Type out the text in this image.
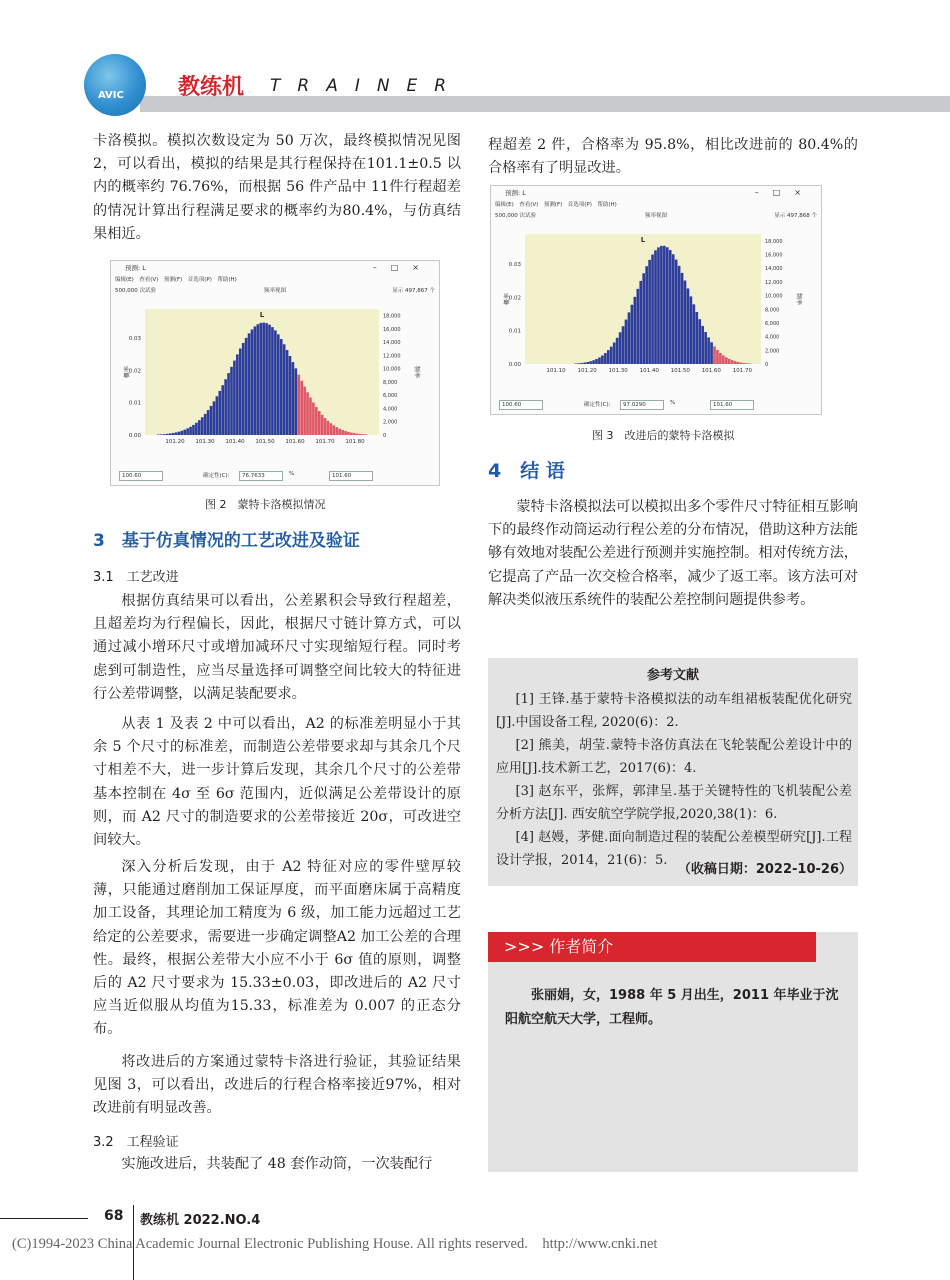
AVIC 教练机 TRAINER

卡洛模拟。模拟次数设定为 50 万次，最终模拟情况见图 2，可以看出，模拟的结果是其行程保持在101.1±0.5 以内的概率约 76.76%，而根据 56 件产品中 11件行程超差的情况计算出行程满足要求的概率约为80.4%，与仿真结果相近。

预测: L	–□×
编辑(E)　查看(V)　预测(F)　首选项(P)　帮助(H)
500,000 次试验	频率视图	显示 497,867 个
L
0.00
0.01
0.02
0.03
概率
0
2,000
4,000
6,000
8,000
10,000
12,000
14,000
16,000
18,000
频率
101.20 101.30 101.40 101.50 101.60 101.70 101.80
100.60	确定性(C):	76.7633	%	101.60
图 2　蒙特卡洛模拟情况
3　基于仿真情况的工艺改进及验证
3.1　工艺改进

根据仿真结果可以看出，公差累积会导致行程超差，且超差均为行程偏长，因此，根据尺寸链计算方式，可以通过减小增环尺寸或增加减环尺寸实现缩短行程。同时考虑到可制造性，应当尽量选择可调整空间比较大的特征进行公差带调整，以满足装配要求。

从表 1 及表 2 中可以看出，A2 的标准差明显小于其余 5 个尺寸的标准差，而制造公差带要求却与其余几个尺寸相差不大，进一步计算后发现，其余几个尺寸的公差带基本控制在 4σ 至 6σ 范围内，近似满足公差带设计的原则，而 A2 尺寸的制造要求的公差带接近 20σ，可改进空间较大。

深入分析后发现，由于 A2 特征对应的零件壁厚较薄，只能通过磨削加工保证厚度，而平面磨床属于高精度加工设备，其理论加工精度为 6 级，加工能力远超过工艺给定的公差要求，需要进一步确定调整A2 加工公差的合理性。最终，根据公差带大小应不小于 6σ 值的原则，调整后的 A2 尺寸要求为 15.33±0.03，即改进后的 A2 尺寸应当近似服从均值为15.33，标准差为 0.007 的正态分布。

将改进后的方案通过蒙特卡洛进行验证，其验证结果见图 3，可以看出，改进后的行程合格率接近97%，相对改进前有明显改善。

3.2　工程验证

实施改进后，共装配了 48 套作动筒，一次装配行

程超差 2 件，合格率为 95.8%，相比改进前的 80.4%的合格率有了明显改进。

预测: L	–□×
编辑(E)　查看(V)　预测(F)　首选项(P)　帮助(H)
500,000 次试验	频率视图	显示 497,868 个
L
0.00
0.01
0.02
0.03
概率
0
2,000
4,000
6,000
8,000
10,000
12,000
14,000
16,000
18,000
频率
101.10 101.20 101.30 101.40 101.50 101.60 101.70
100.60	确定性(C):	97.0290	%	101.60
图 3　改进后的蒙特卡洛模拟
4　结 语

蒙特卡洛模拟法可以模拟出多个零件尺寸特征相互影响下的最终作动筒运动行程公差的分布情况，借助这种方法能够有效地对装配公差进行预测并实施控制。相对传统方法，它提高了产品一次交检合格率，减少了返工率。该方法可对解决类似液压系统件的装配公差控制问题提供参考。

参考文献

[1] 王锋.基于蒙特卡洛模拟法的动车组裙板装配优化研究[J].中国设备工程, 2020(6)：2.

[2] 熊美，胡莹.蒙特卡洛仿真法在飞轮装配公差设计中的应用[J].技术新工艺，2017(6)：4.

[3] 赵东平，张辉，郭津呈.基于关键特性的飞机装配公差分析方法[J]. 西安航空学院学报,2020,38(1)：6.

[4] 赵嫚，茅健.面向制造过程的装配公差模型研究[J].工程设计学报，2014，21(6)：5.

（收稿日期：2022-10-26）

>>> 作者简介

张丽娟，女，1988 年 5 月出生，2011 年毕业于沈阳航空航天大学，工程师。

68 教练机 2022.NO.4
(C)1994-2023 China Academic Journal Electronic Publishing House. All rights reserved.    http://www.cnki.net
